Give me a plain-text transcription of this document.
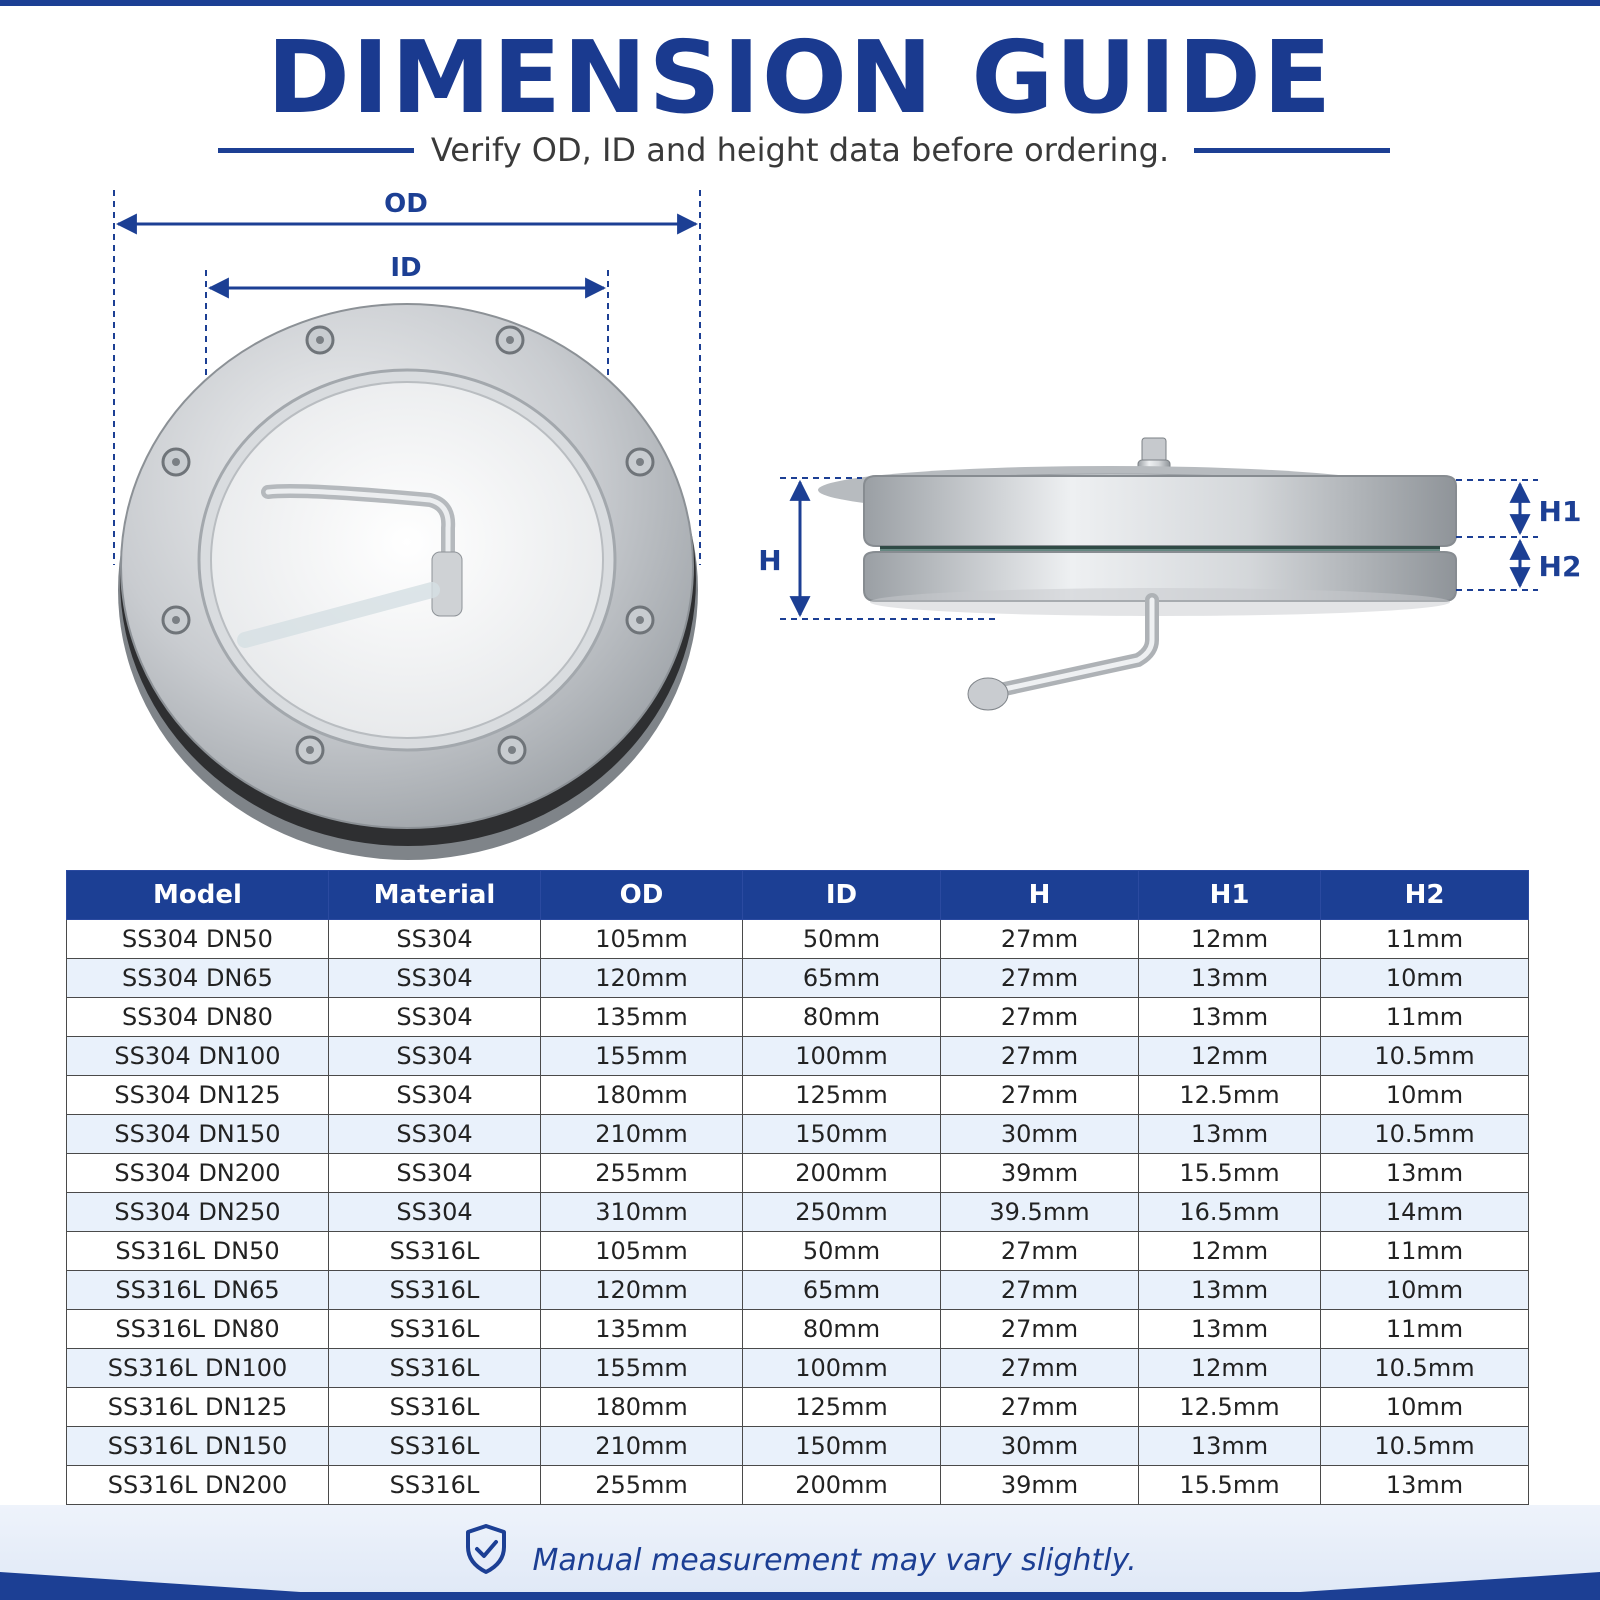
DIMENSION GUIDE
Verify OD, ID and height data before ordering.
OD
ID
H
H1
H2
Model	Material	OD	ID	H	H1	H2
SS304 DN50	SS304	105mm	50mm	27mm	12mm	11mm
SS304 DN65	SS304	120mm	65mm	27mm	13mm	10mm
SS304 DN80	SS304	135mm	80mm	27mm	13mm	11mm
SS304 DN100	SS304	155mm	100mm	27mm	12mm	10.5mm
SS304 DN125	SS304	180mm	125mm	27mm	12.5mm	10mm
SS304 DN150	SS304	210mm	150mm	30mm	13mm	10.5mm
SS304 DN200	SS304	255mm	200mm	39mm	15.5mm	13mm
SS304 DN250	SS304	310mm	250mm	39.5mm	16.5mm	14mm
SS316L DN50	SS316L	105mm	50mm	27mm	12mm	11mm
SS316L DN65	SS316L	120mm	65mm	27mm	13mm	10mm
SS316L DN80	SS316L	135mm	80mm	27mm	13mm	11mm
SS316L DN100	SS316L	155mm	100mm	27mm	12mm	10.5mm
SS316L DN125	SS316L	180mm	125mm	27mm	12.5mm	10mm
SS316L DN150	SS316L	210mm	150mm	30mm	13mm	10.5mm
SS316L DN200	SS316L	255mm	200mm	39mm	15.5mm	13mm
Manual measurement may vary slightly.
